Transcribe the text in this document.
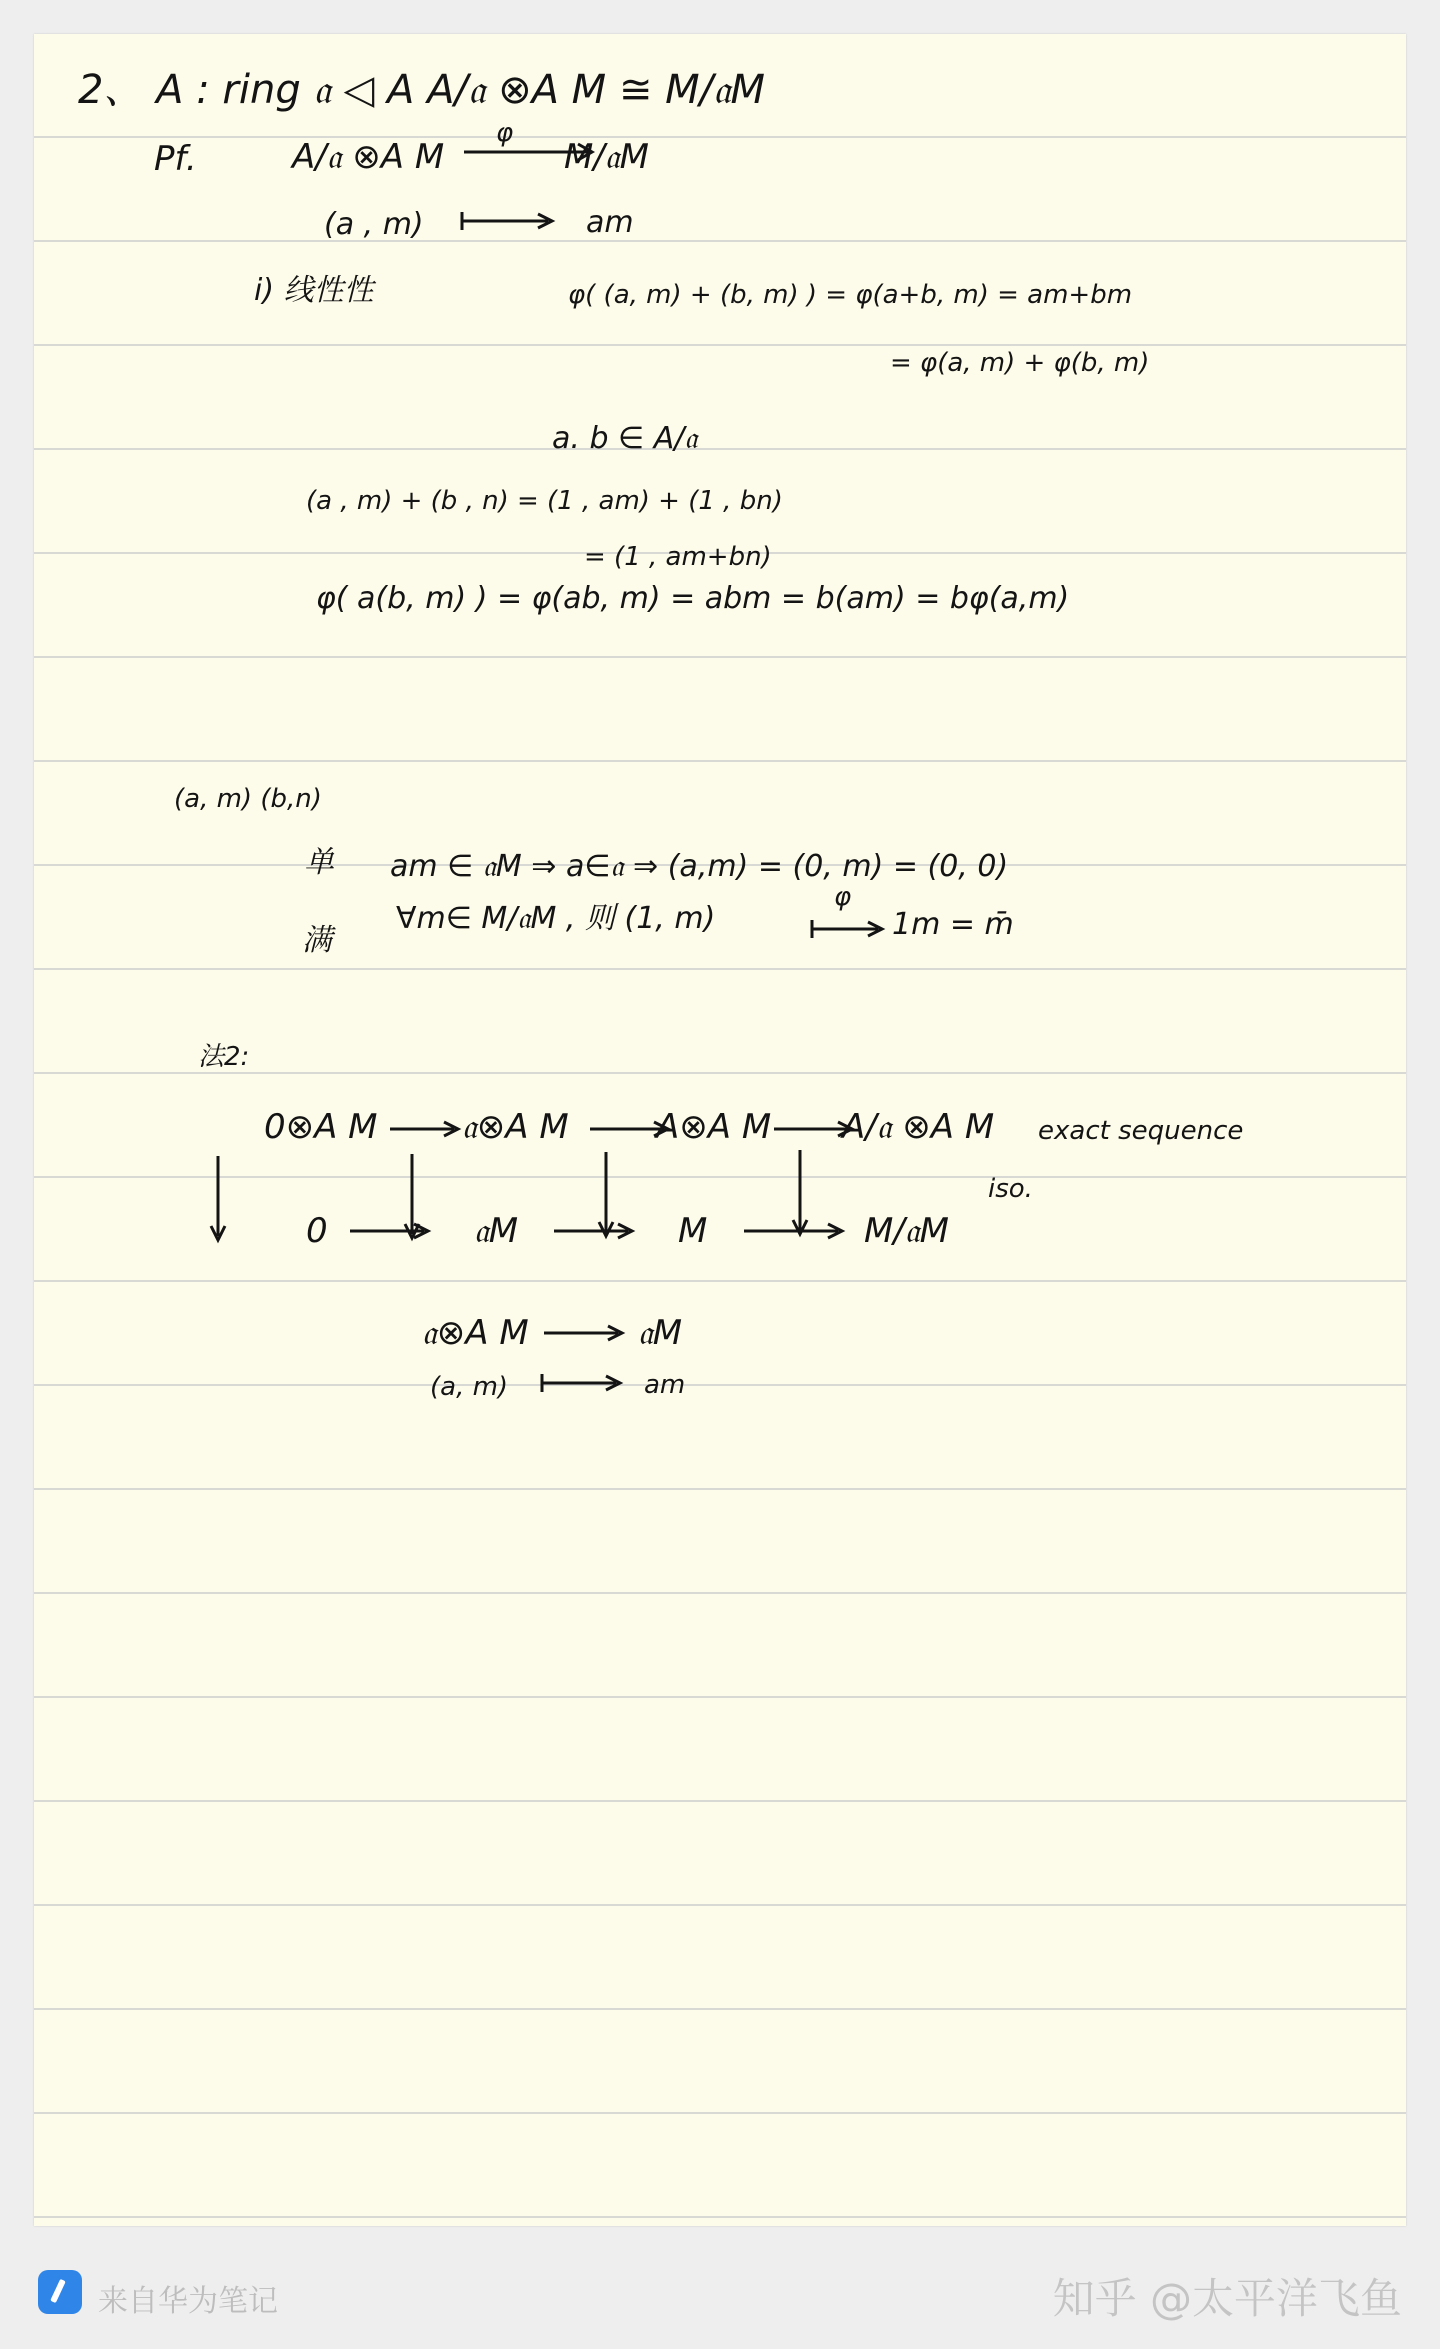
2、 A : ring 𝔞 ◁ A A/𝔞 ⊗A M ≅ M/𝔞M
Pf.	A/𝔞 ⊗A M
φ
M/𝔞M
(a , m)	am
i) 线性性	φ( (a, m) + (b, m) ) = φ(a+b, m) = am+bm
= φ(a, m) + φ(b, m)
a. b ∈ A/𝔞
(a , m) + (b , n) = (1 , am) + (1 , bn)
= (1 , am+bn)
φ( a(b, m) ) = φ(ab, m) = abm = b(am) = bφ(a,m)
(a, m) (b,n)
单 am ∈ 𝔞M ⇒ a∈𝔞 ⇒ (a,m) = (0, m) = (0, 0)
满
∀m∈ M/𝔞M , 则 (1, m)
φ
1m = m̄
法2:
0⊗A M 𝔞⊗A M	A⊗A M A/𝔞 ⊗A M exact sequence
iso.
0	𝔞M	M	M/𝔞M
𝔞⊗A M	𝔞M
(a, m)	am
来自华为笔记	知乎 @太平洋飞鱼
